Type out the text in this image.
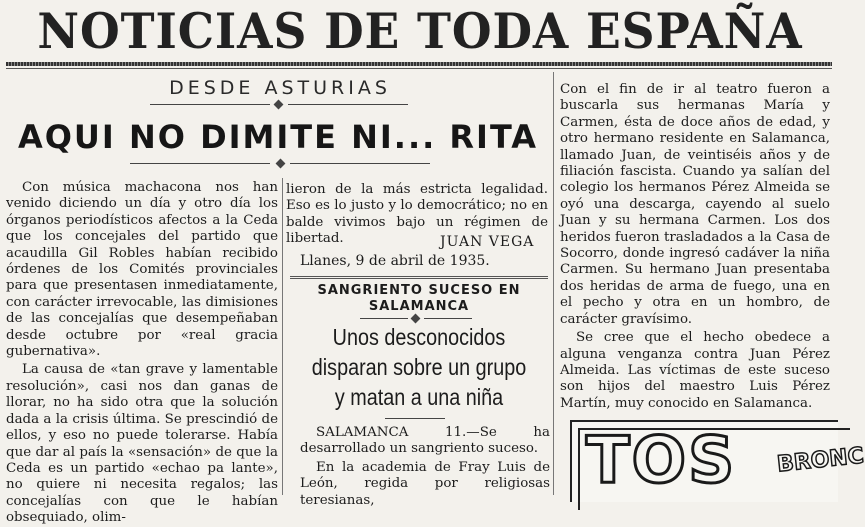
NOTICIAS DE TODA ESPAÑA
DESDE ASTURIAS
AQUI NO DIMITE NI... RITA

Con música machacona nos han venido diciendo un día y otro día los órganos periodísticos afectos a la Ceda que los concejales del partido que acaudilla Gil Robles habían recibido órdenes de los Comités provinciales para que presentasen inmediatamente, con carácter irrevocable, las dimisiones de las concejalías que desempeñaban desde octubre por «real gracia gubernativa».

La causa de «tan grave y lamentable resolución», casi nos dan ganas de llorar, no ha sido otra que la solución dada a la crisis última. Se prescindió de ellos, y eso no puede tolerarse. Había que dar al país la «sensación» de que la Ceda es un partido «echao pa lante», no quiere ni necesita regalos; las concejalías con que le habían obsequiado, olim-

lieron de la más estricta legalidad. Eso es lo justo y lo democrático; no en balde vivimos bajo un régimen de libertad.	JUAN VEGA
Llanes, 9 de abril de 1935.
SANGRIENTO SUCESO EN SALAMANCA
Unos desconocidos disparan sobre un grupo y matan a una niña

SALAMANCA 11.—Se ha desarrollado un sangriento suceso.

En la academia de Fray Luis de León, regida por religiosas teresianas,

Con el fin de ir al teatro fueron a buscarla sus hermanas María y Carmen, ésta de doce años de edad, y otro hermano residente en Salamanca, llamado Juan, de veintiséis años y de filiación fascista. Cuando ya salían del colegio los hermanos Pérez Almeida se oyó una descarga, cayendo al suelo Juan y su hermana Carmen. Los dos heridos fueron trasladados a la Casa de Socorro, donde ingresó cadáver la niña Carmen. Su hermano Juan presentaba dos heridas de arma de fuego, una en el pecho y otra en un hombro, de carácter gravísimo.

Se cree que el hecho obedece a alguna venganza contra Juan Pérez Almeida. Las víctimas de este suceso son hijos del maestro Luis Pérez Martín, muy conocido en Salamanca.

TOS BRONC
